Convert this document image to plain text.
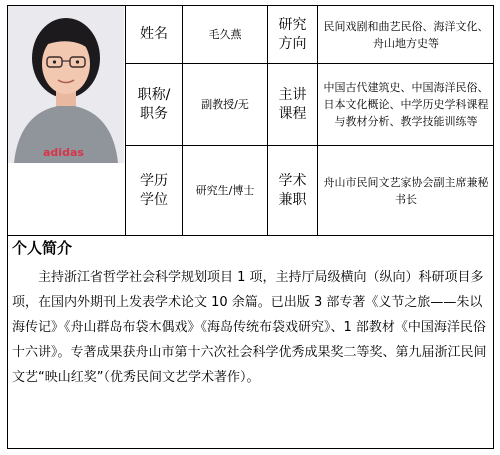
adidas
姓名	毛久燕
研究
方向
民间戏剧和曲艺民俗、海洋文化、舟山地方史等
职称/
职务
副教授/无
主讲
课程
中国古代建筑史、中国海洋民俗、日本文化概论、中学历史学科课程与教材分析、教学技能训练等
学历
学位
研究生/博士
学术
兼职
舟山市民间文艺家协会副主席兼秘书长
个人简介
主持浙江省哲学社会科学规划项目 1 项，主持厅局级横向（纵向）科研项目多项，在国内外期刊上发表学术论文 10 余篇。已出版 3 部专著《义节之旅——朱以海传记》《舟山群岛布袋木偶戏》《海岛传统布袋戏研究》、1 部教材《中国海洋民俗十六讲》。专著成果获舟山市第十六次社会科学优秀成果奖二等奖、第九届浙江民间文艺“映山红奖”（优秀民间文艺学术著作）。
